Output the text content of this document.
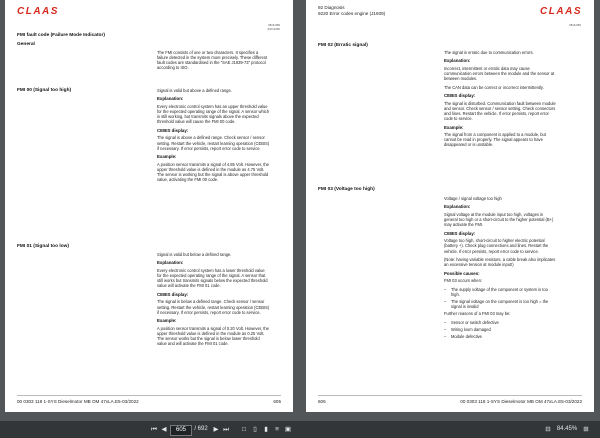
CLAAS
0816-883
ZAK/1082
FMI fault code (Failure Mode Indicator)
General
The FMI consists of one or two characters. It specifies a failure detected in the system more precisely. These different fault codes are standardised in the "SAE J1939-73" protocol according to ISO.
FMI 00 (Signal too high)	Signal is valid but above a defined range.
Explanation:
Every electronic control system has an upper threshold value for the expected operating range of the signal. A sensor which is still working, but transmits signals above the expected threshold value will cause the FMI 00 code.
CEBIS display:
The signal is above a defined range. Check sensor / sensor setting. Restart the vehicle, restart learning operation (CEBIS) if necessary. If error persists, report error code to service.
Example:
A position sensor transmits a signal of 4.85 Volt. However, the upper threshold value is defined in the module as 4.75 Volt. The sensor is working but the signal is above upper threshold value, activating the FMI 00 code.
FMI 01 (Signal too low)
Signal is valid but below a defined range.
Explanation:
Every electronic control system has a lower threshold value for the expected operating range of the signal. A sensor that still works but transmits signals below the expected threshold value will activate the FMI 01 code.
CEBIS display:
The signal is below a defined range. Check sensor / sensor setting. Restart the vehicle, restart learning operation (CEBIS) if necessary. If error persists, report error code to service.
Example:
A position sensor transmits a signal of 0.20 Volt. However, the upper threshold value is defined in the module as 0.25 Volt. The sensor works but the signal is below lower threshold value and will activate the FMI 01 code.
00 0303 118 1-SYS Dieselmotor MB OM 47xLA.E5-03/2022	605
92 Diagnosis
9220 Error codes engine (J1939)	CLAAS
0816-883
FMI 02 (Erratic signal)
The signal is erratic due to communication errors.
Explanation:
Incorrect, intermittent or erratic data may cause communication errors between the module and the sensor at between modules.
The CAN data can be correct or incorrect intermittently.
CEBIS display:
The signal is disturbed. Communication fault between module and sensor. Check sensor / sensor setting. Check connectors and lines. Restart the vehicle. If error persists, report error code to service.
Example:
The signal from a component is applied to a module, but cannot be read in properly. The signal appears to have disappeared or is unstable.
FMI 03 (Voltage too high)
Voltage / signal voltage too high
Explanation:
Signal voltage at the module input too high, voltages in general too high or a short-circuit to the higher potential (B+) may activate the FMI.
CEBIS display:
Voltage too high, short-circuit to higher electric potential (battery +). Check plug connections and lines. Restart the vehicle. If error persists, report error code to service.
(Note: having variable resistors, a cable break also implicates an excessive tension at module input!)
Possible causes:
FMI 03 occurs when:
– The supply voltage of the component or system is too high.
– The signal voltage on the component is too high = the signal is invalid
Further reasons of a FMI 03 may be:
– Sensor or switch defective
– Wiring loom damaged
– Module defective
606	00 0303 118 1-SYS Dieselmotor MB OM 47xLA.E5-03/2022
⏮ ◀	605	/ 692 ▶ ⏭	□	▯	▮	≡ ▣	⊟	84.45% ⊞
